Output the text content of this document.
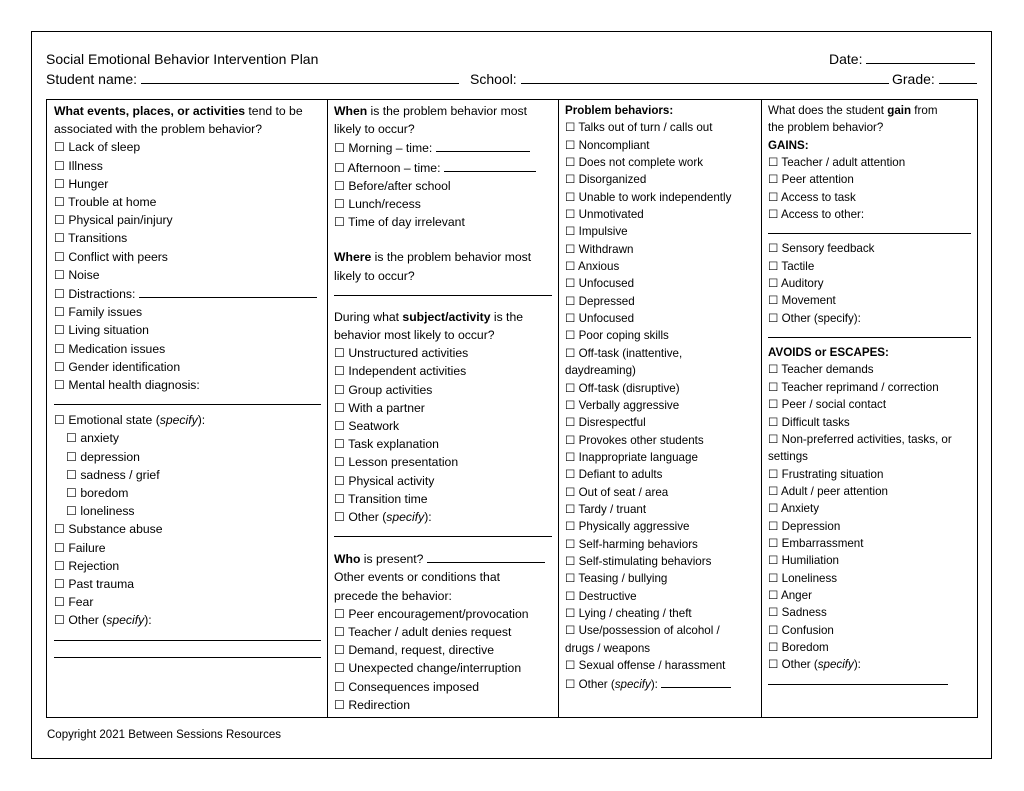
Social Emotional Behavior Intervention Plan	Date:
Student name:	School:	Grade:
What events, places, or activities tend to be
associated with the problem behavior?
☐ Lack of sleep
☐ Illness
☐ Hunger
☐ Trouble at home
☐ Physical pain/injury
☐ Transitions
☐ Conflict with peers
☐ Noise
☐ Distractions:
☐ Family issues
☐ Living situation
☐ Medication issues
☐ Gender identification
☐ Mental health diagnosis:
☐ Emotional state (specify):
☐ anxiety
☐ depression
☐ sadness / grief
☐ boredom
☐ loneliness
☐ Substance abuse
☐ Failure
☐ Rejection
☐ Past trauma
☐ Fear
☐ Other (specify):
When is the problem behavior most
likely to occur?
☐ Morning – time:
☐ Afternoon – time:
☐ Before/after school
☐ Lunch/recess
☐ Time of day irrelevant
Where is the problem behavior most
likely to occur?
During what subject/activity is the
behavior most likely to occur?
☐ Unstructured activities
☐ Independent activities
☐ Group activities
☐ With a partner
☐ Seatwork
☐ Task explanation
☐ Lesson presentation
☐ Physical activity
☐ Transition time
☐ Other (specify):
Who is present?
Other events or conditions that
precede the behavior:
☐ Peer encouragement/provocation
☐ Teacher / adult denies request
☐ Demand, request, directive
☐ Unexpected change/interruption
☐ Consequences imposed
☐ Redirection
Problem behaviors:
☐ Talks out of turn / calls out
☐ Noncompliant
☐ Does not complete work
☐ Disorganized
☐ Unable to work independently
☐ Unmotivated
☐ Impulsive
☐ Withdrawn
☐ Anxious
☐ Unfocused
☐ Depressed
☐ Unfocused
☐ Poor coping skills
☐ Off-task (inattentive,
daydreaming)
☐ Off-task (disruptive)
☐ Verbally aggressive
☐ Disrespectful
☐ Provokes other students
☐ Inappropriate language
☐ Defiant to adults
☐ Out of seat / area
☐ Tardy / truant
☐ Physically aggressive
☐ Self-harming behaviors
☐ Self-stimulating behaviors
☐ Teasing / bullying
☐ Destructive
☐ Lying / cheating / theft
☐ Use/possession of alcohol /
drugs / weapons
☐ Sexual offense / harassment
☐ Other (specify):
What does the student gain from
the problem behavior?
GAINS:
☐ Teacher / adult attention
☐ Peer attention
☐ Access to task
☐ Access to other:
☐ Sensory feedback
☐ Tactile
☐ Auditory
☐ Movement
☐ Other (specify):
AVOIDS or ESCAPES:
☐ Teacher demands
☐ Teacher reprimand / correction
☐ Peer / social contact
☐ Difficult tasks
☐ Non-preferred activities, tasks, or
settings
☐ Frustrating situation
☐ Adult / peer attention
☐ Anxiety
☐ Depression
☐ Embarrassment
☐ Humiliation
☐ Loneliness
☐ Anger
☐ Sadness
☐ Confusion
☐ Boredom
☐ Other (specify):
Copyright 2021 Between Sessions Resources
